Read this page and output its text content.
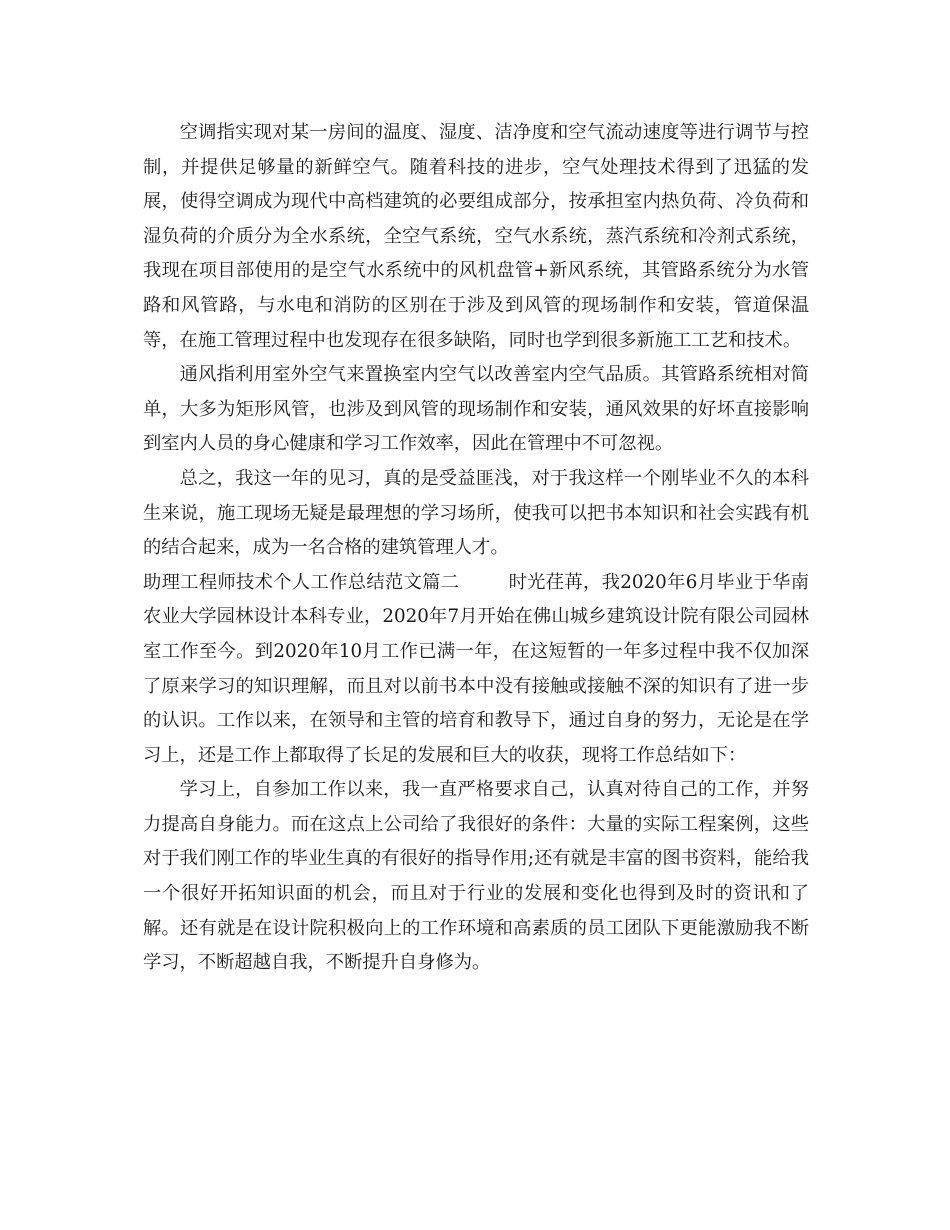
空调指实现对某一房间的温度、湿度、洁净度和空气流动速度等进行调节与控制，并提供足够量的新鲜空气。随着科技的进步，空气处理技术得到了迅猛的发展，使得空调成为现代中高档建筑的必要组成部分，按承担室内热负荷、冷负荷和湿负荷的介质分为全水系统，全空气系统，空气水系统，蒸汽系统和冷剂式系统，我现在项目部使用的是空气水系统中的风机盘管+新风系统，其管路系统分为水管路和风管路，与水电和消防的区别在于涉及到风管的现场制作和安装，管道保温等，在施工管理过程中也发现存在很多缺陷，同时也学到很多新施工工艺和技术。

通风指利用室外空气来置换室内空气以改善室内空气品质。其管路系统相对简单，大多为矩形风管，也涉及到风管的现场制作和安装，通风效果的好坏直接影响到室内人员的身心健康和学习工作效率，因此在管理中不可忽视。

总之，我这一年的见习，真的是受益匪浅，对于我这样一个刚毕业不久的本科生来说，施工现场无疑是最理想的学习场所，使我可以把书本知识和社会实践有机的结合起来，成为一名合格的建筑管理人才。

助理工程师技术个人工作总结范文篇二	时光荏苒，我2020年6月毕业于华南农业大学园林设计本科专业，2020年7月开始在佛山城乡建筑设计院有限公司园林室工作至今。到2020年10月工作已满一年，在这短暂的一年多过程中我不仅加深了原来学习的知识理解，而且对以前书本中没有接触或接触不深的知识有了进一步的认识。工作以来，在领导和主管的培育和教导下，通过自身的努力，无论是在学习上，还是工作上都取得了长足的发展和巨大的收获，现将工作总结如下：

学习上，自参加工作以来，我一直严格要求自己，认真对待自己的工作，并努力提高自身能力。而在这点上公司给了我很好的条件：大量的实际工程案例，这些对于我们刚工作的毕业生真的有很好的指导作用;还有就是丰富的图书资料，能给我一个很好开拓知识面的机会，而且对于行业的发展和变化也得到及时的资讯和了解。还有就是在设计院积极向上的工作环境和高素质的员工团队下更能激励我不断学习，不断超越自我，不断提升自身修为。
